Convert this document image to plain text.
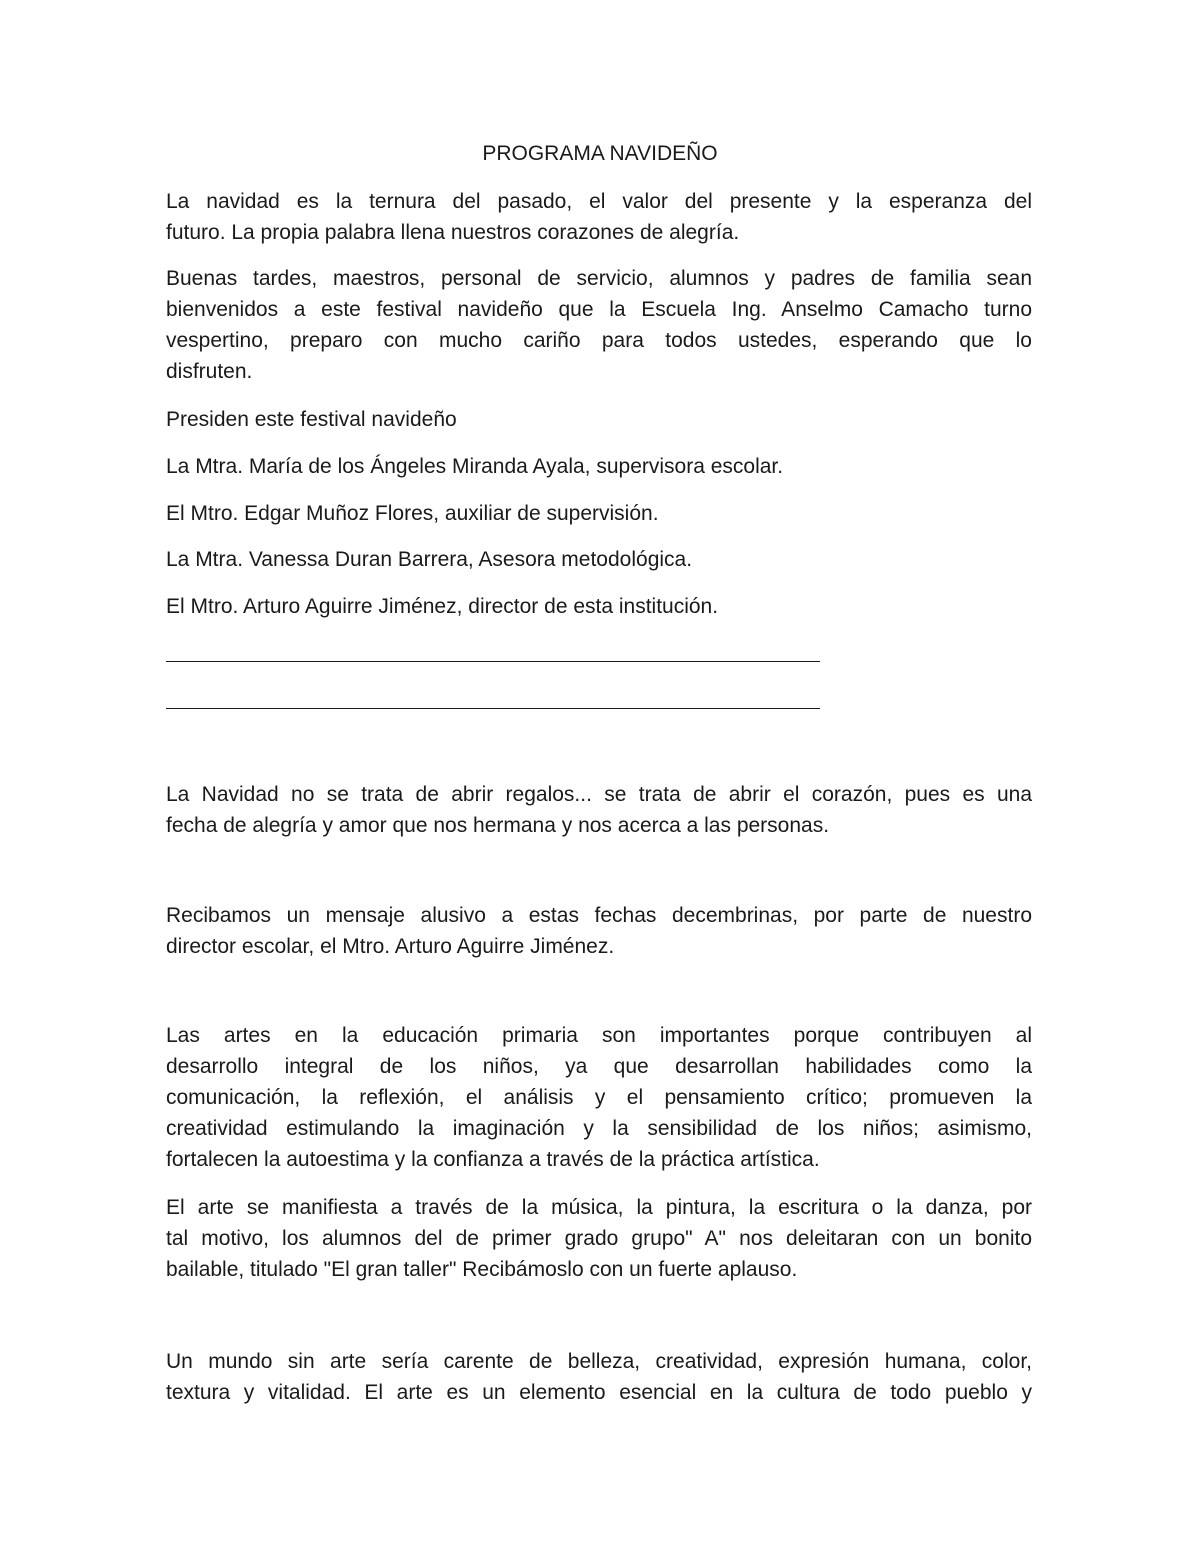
PROGRAMA NAVIDEÑO
La navidad es la ternura del pasado, el valor del presente y la esperanza del
futuro. La propia palabra llena nuestros corazones de alegría.
Buenas tardes, maestros, personal de servicio, alumnos y padres de familia sean
bienvenidos a este festival navideño que la Escuela Ing. Anselmo Camacho turno
vespertino, preparo con mucho cariño para todos ustedes, esperando que lo
disfruten.
Presiden este festival navideño
La Mtra. María de los Ángeles Miranda Ayala, supervisora escolar.
El Mtro. Edgar Muñoz Flores, auxiliar de supervisión.
La Mtra. Vanessa Duran Barrera, Asesora metodológica.
El Mtro. Arturo Aguirre Jiménez, director de esta institución.
La Navidad no se trata de abrir regalos... se trata de abrir el corazón, pues es una
fecha de alegría y amor que nos hermana y nos acerca a las personas.
Recibamos un mensaje alusivo a estas fechas decembrinas, por parte de nuestro
director escolar, el Mtro. Arturo Aguirre Jiménez.
Las artes en la educación primaria son importantes porque contribuyen al
desarrollo integral de los niños, ya que desarrollan habilidades como la
comunicación, la reflexión, el análisis y el pensamiento crítico; promueven la
creatividad estimulando la imaginación y la sensibilidad de los niños; asimismo,
fortalecen la autoestima y la confianza a través de la práctica artística.
El arte se manifiesta a través de la música, la pintura, la escritura o la danza, por
tal motivo, los alumnos del de primer grado grupo" A" nos deleitaran con un bonito
bailable, titulado "El gran taller" Recibámoslo con un fuerte aplauso.
Un mundo sin arte sería carente de belleza, creatividad, expresión humana, color,
textura y vitalidad. El arte es un elemento esencial en la cultura de todo pueblo y
